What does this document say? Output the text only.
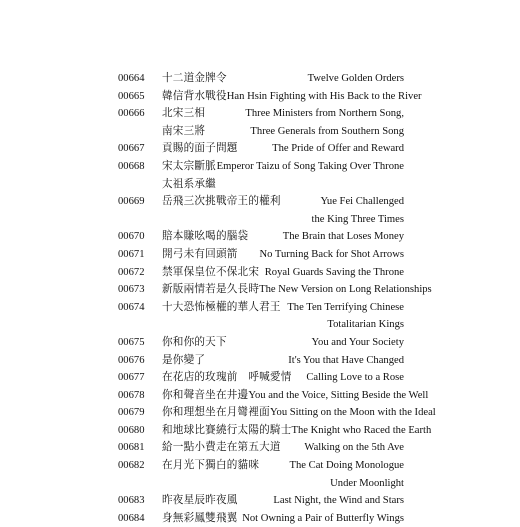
00664	十二道金牌令	Twelve Golden Orders
00665	韓信背水戰役 Han Hsin Fighting with His Back to the River
00666	北宋三相	Three Ministers from Northern Song,
南宋三將	Three Generals from Southern Song
00667	貢賜的面子問題	The Pride of Offer and Reward
00668	宋太宗斷脈 Emperor Taizu of Song Taking Over Throne
太祖系承繼
00669	岳飛三次挑戰帝王的權利	Yue Fei Challenged
the King Three Times
00670	賠本賺吆喝的腦袋	The Brain that Loses Money
00671	開弓未有回頭箭 No Turning Back for Shot Arrows
00672	禁軍保皇位不保北宋 Royal Guards Saving the Throne
00673	新版兩情若是久長時 The New Version on Long Relationships
00674	十大恐怖極權的華人君王 The Ten Terrifying Chinese
Totalitarian Kings
00675	你和你的天下	You and Your Society
00676	是你變了	It's You that Have Changed
00677	在花店的玫瑰前　呼喊愛情 Calling Love to a Rose
00678	你和聲音坐在井邊 You and the Voice, Sitting Beside the Well
00679	你和理想坐在月彎裡面 You Sitting on the Moon with the Ideal
00680	和地球比賽繞行太陽的騎士 The Knight who Raced the Earth
00681	給一點小費走在第五大道 Walking on the 5th Ave
00682	在月光下獨白的貓咪	The Cat Doing Monologue
Under Moonlight
00683	昨夜星辰昨夜風	Last Night, the Wind and Stars
00684	身無彩鳳雙飛翼 Not Owning a Pair of Butterfly Wings
